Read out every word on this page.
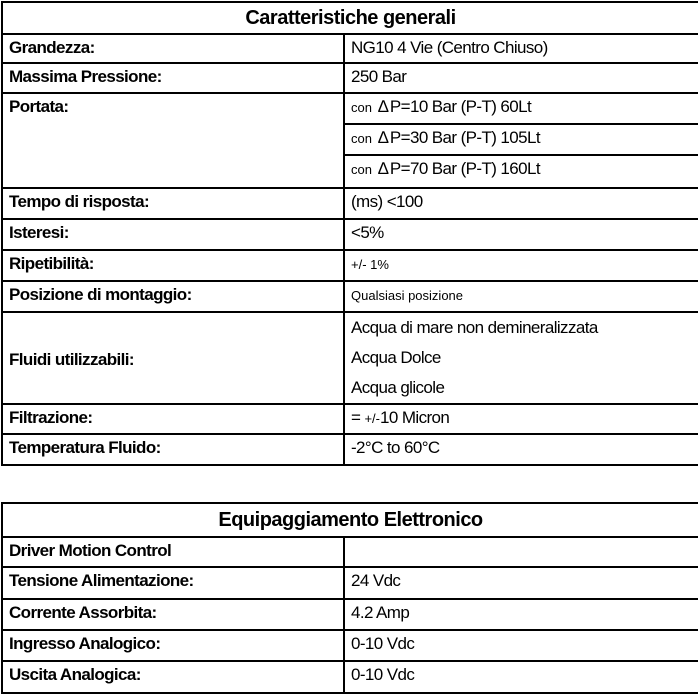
Caratteristiche generali	
Grandezza:	NG10 4 Vie (Centro Chiuso)
Massima Pressione:	250 Bar
Portata:	con ∆ P=10 Bar (P-T) 60Lt
	con ∆ P=30 Bar (P-T) 105Lt
	con ∆ P=70 Bar (P-T) 160Lt
Tempo di risposta:	(ms) <100
Isteresi:	<5%
Ripetibilità:	+/- 1%
Posizione di montaggio:	Qualsiasi posizione
Fluidi utilizzabili:	Acqua di mare non demineralizzata
Acqua Dolce
Acqua glicole

Filtrazione:	= +/-10 Micron
Temperatura Fluido:	-2°C to 60°C
Equipaggiamento Elettronico	
Driver Motion Control	
Tensione Alimentazione:	24 Vdc
Corrente Assorbita:	4.2 Amp
Ingresso Analogico:	0-10 Vdc
Uscita Analogica:	0-10 Vdc
